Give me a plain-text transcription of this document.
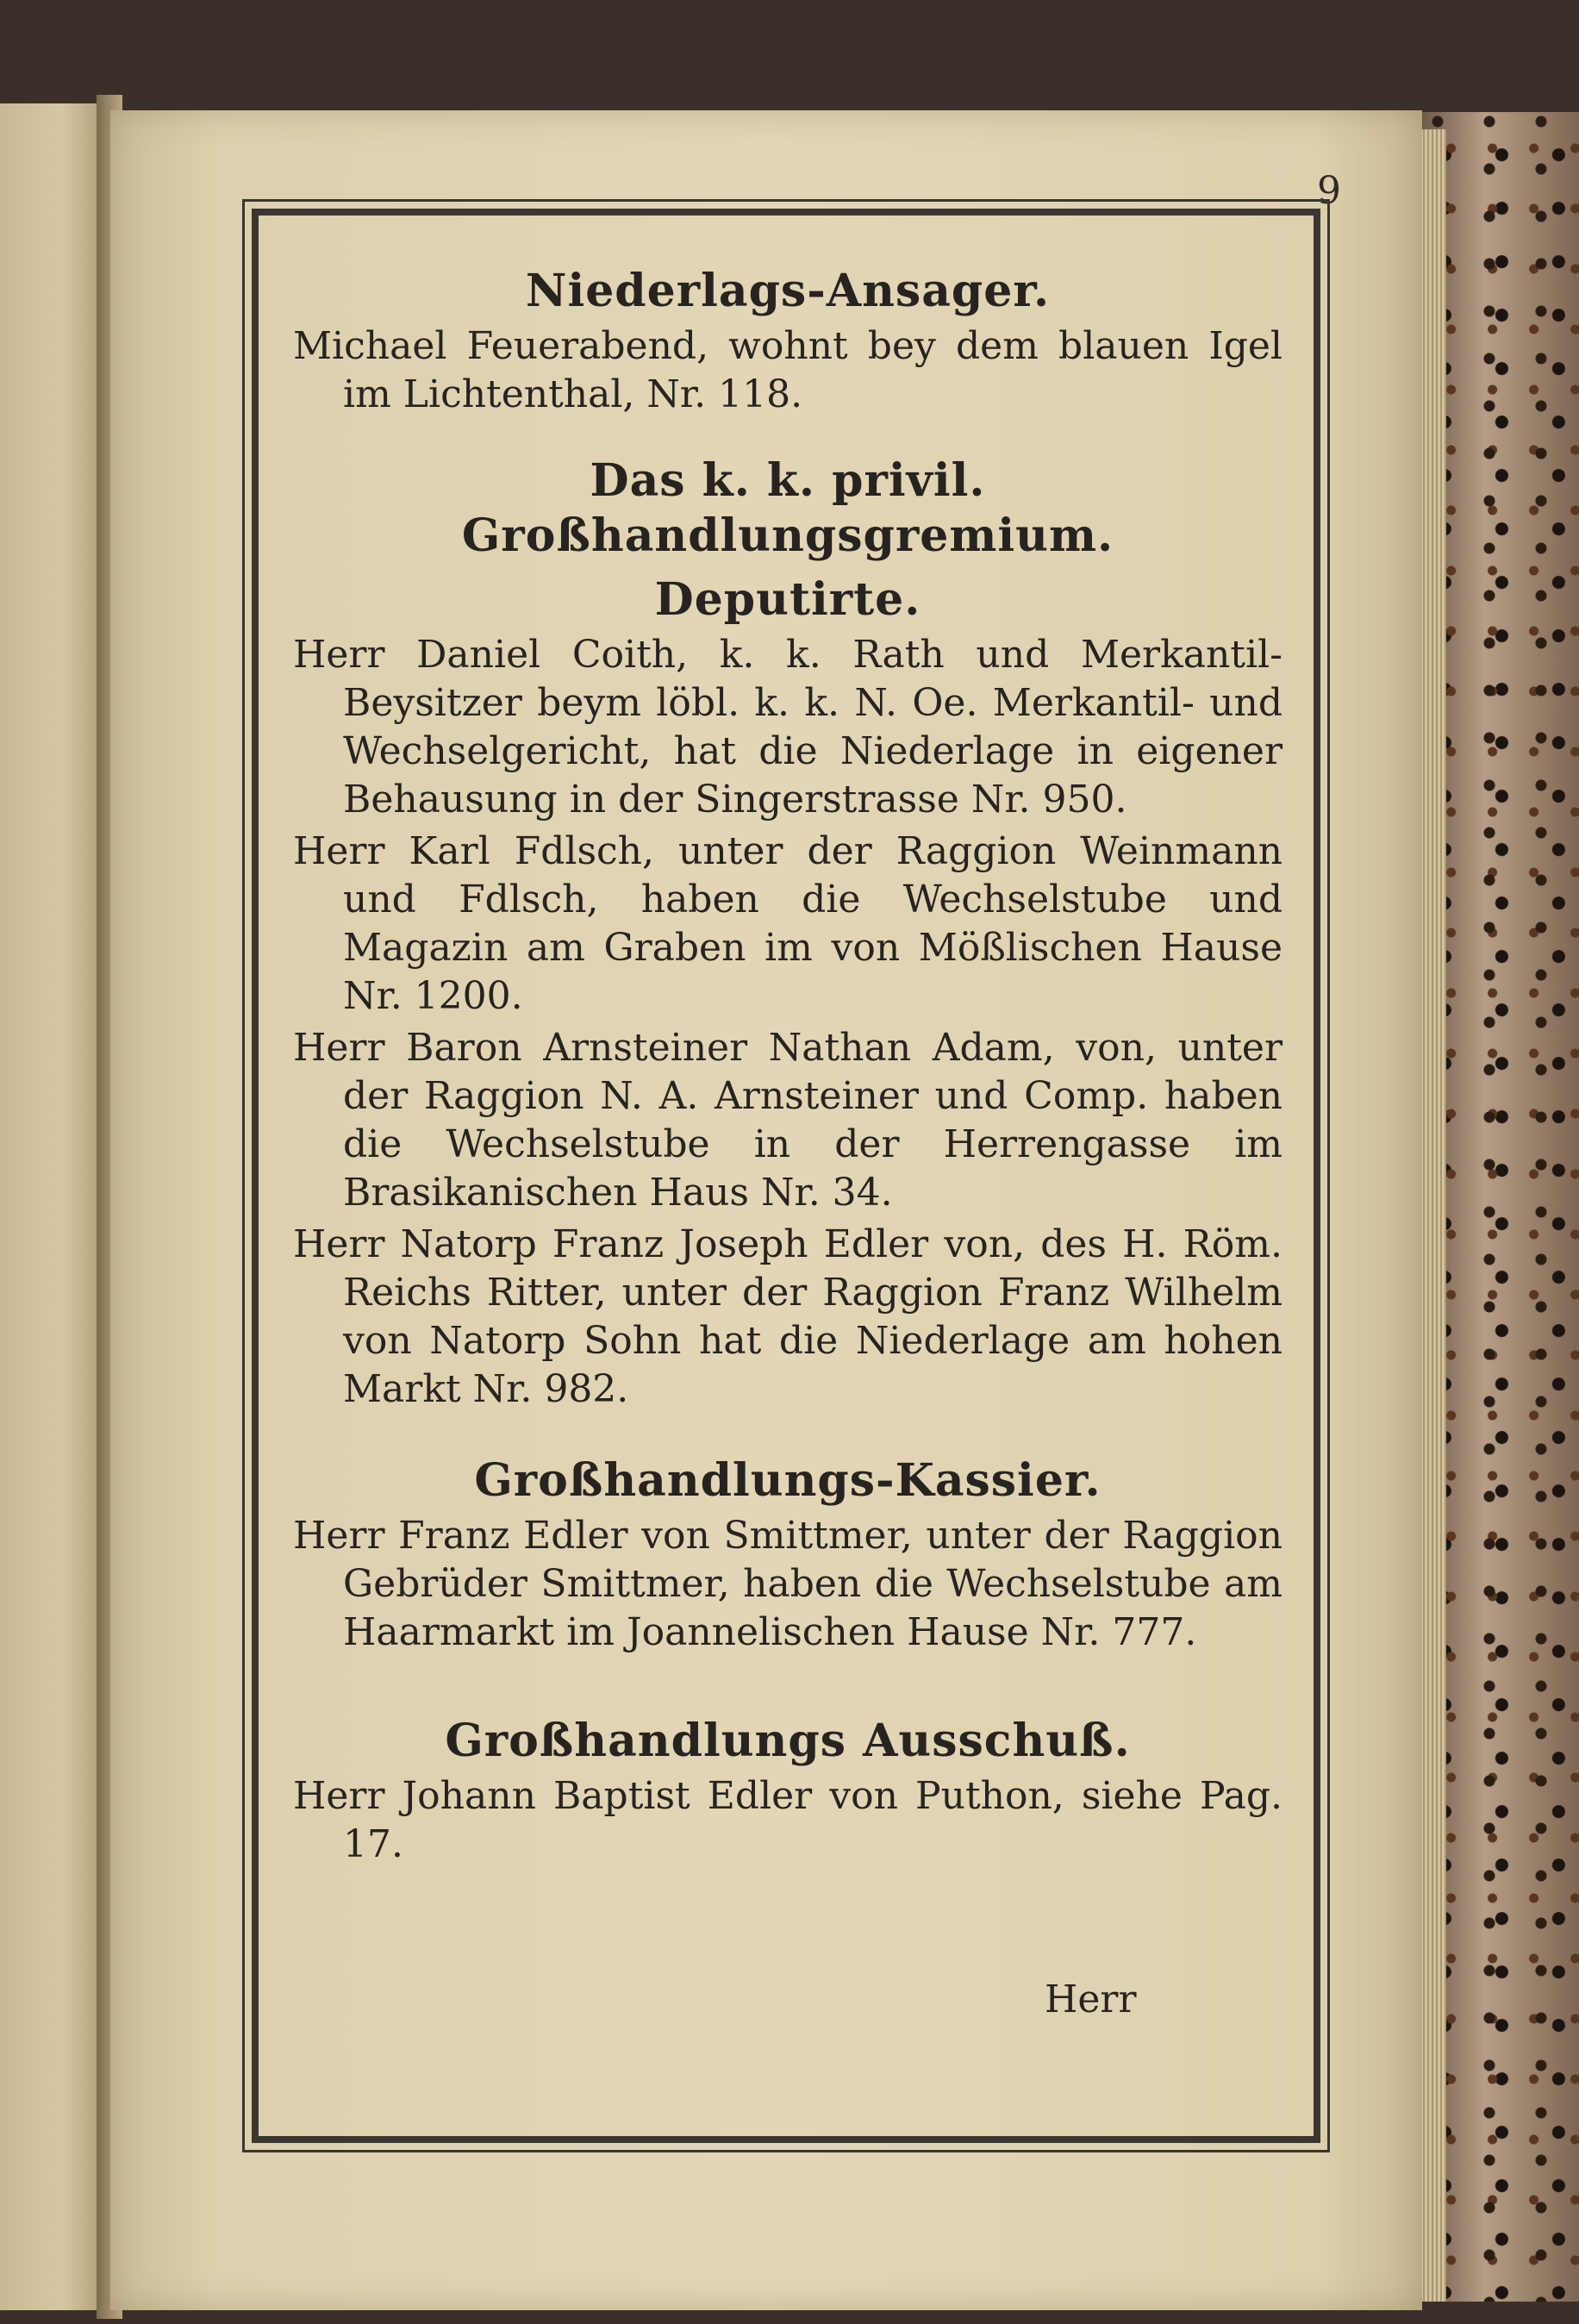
9
Niederlags-Ansager.

Michael Feuerabend, wohnt bey dem blauen Igel im Lichtenthal, Nr. 118.

Das k. k. privil. Großhandlungsgremium.
Deputirte.

Herr Daniel Coith, k. k. Rath und Merkantil-Beysitzer beym löbl. k. k. N. Oe. Merkantil- und Wechselgericht, hat die Niederlage in eigener Behausung in der Singerstrasse Nr. 950.

Herr Karl Fdlsch, unter der Raggion Weinmann und Fdlsch, haben die Wechselstube und Magazin am Graben im von Mößlischen Hause Nr. 1200.

Herr Baron Arnsteiner Nathan Adam, von, unter der Raggion N. A. Arnsteiner und Comp. haben die Wechselstube in der Herrengasse im Brasikanischen Haus Nr. 34.

Herr Natorp Franz Joseph Edler von, des H. Röm. Reichs Ritter, unter der Raggion Franz Wilhelm von Natorp Sohn hat die Niederlage am hohen Markt Nr. 982.

Großhandlungs-Kassier.

Herr Franz Edler von Smittmer, unter der Raggion Gebrüder Smittmer, haben die Wechselstube am Haarmarkt im Joannelischen Hause Nr. 777.

Großhandlungs Ausschuß.

Herr Johann Baptist Edler von Puthon, siehe Pag. 17.

Herr
